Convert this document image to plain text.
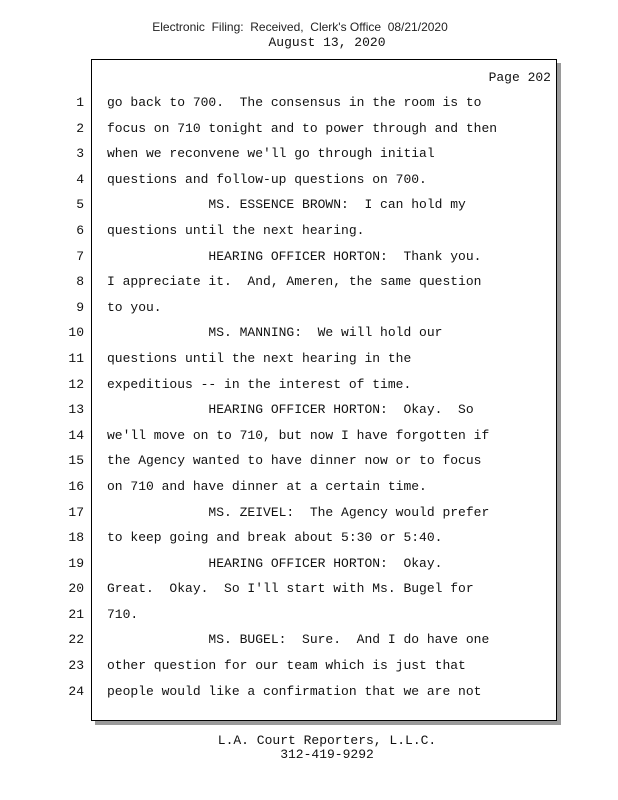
Electronic  Filing:  Received,  Clerk's Office  08/21/2020
August 13, 2020
Page 202
1
2
3
4
5
6
7
8
9
10
11
12
13
14
15
16
17
18
19
20
21
22
23
24
go back to 700.  The consensus in the room is to
focus on 710 tonight and to power through and then
when we reconvene we'll go through initial
questions and follow-up questions on 700.
MS. ESSENCE BROWN:  I can hold my
questions until the next hearing.
HEARING OFFICER HORTON:  Thank you.
I appreciate it.  And, Ameren, the same question
to you.
MS. MANNING:  We will hold our
questions until the next hearing in the
expeditious -- in the interest of time.
HEARING OFFICER HORTON:  Okay.  So
we'll move on to 710, but now I have forgotten if
the Agency wanted to have dinner now or to focus
on 710 and have dinner at a certain time.
MS. ZEIVEL:  The Agency would prefer
to keep going and break about 5:30 or 5:40.
HEARING OFFICER HORTON:  Okay.
Great.  Okay.  So I'll start with Ms. Bugel for
710.
MS. BUGEL:  Sure.  And I do have one
other question for our team which is just that
people would like a confirmation that we are not
L.A. Court Reporters, L.L.C.
312-419-9292
